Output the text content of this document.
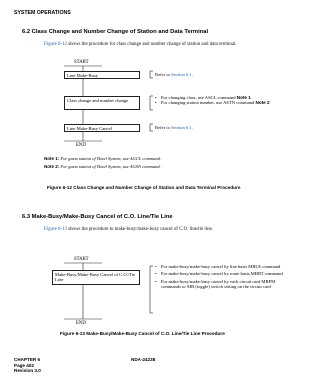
SYSTEM OPERATIONS
6.2 Class Change and Number Change of Station and Data Terminal
Figure 6-12 shows the procedure for class change and number change of station and data terminal.
START
Line Make-Busy	Refer to Section 6.1.
Class change and number change
• For changing class, use ASCL command Note 1
• For changing station number, use ASTN command Note 2
Line Make-Busy Cancel	Refer to Section 6.1.
END
Note 1: For guest station of Hotel System, use AGCL command.
Note 2: For guest station of Hotel System, use AGSN command.
Figure 6-12 Class Change and Number Change of Station and Data Terminal Procedure
6.3 Make-Busy/Make-Busy Cancel of C.O. Line/Tie Line
Figure 6-13 shows the procedure to make-busy/make-busy cancel of C.O. line/tie line.
START
Make-Busy/Make-Busy Cancel of C.O./Tie Line
• For make-busy/make-busy cancel by line basis MBLE command
• For make-busy/make-busy cancel by route basis MBRT command
• For make-busy/make-busy cancel by each circuit card MBPM commands or MB (toggle) switch setting on the circuit card
END
Figure 6-13 Make-Busy/Make-Busy Cancel of C.O. Line/Tie Line Procedure
CHAPTER 6
Page 402
Revision 3.0
NDA-24238
